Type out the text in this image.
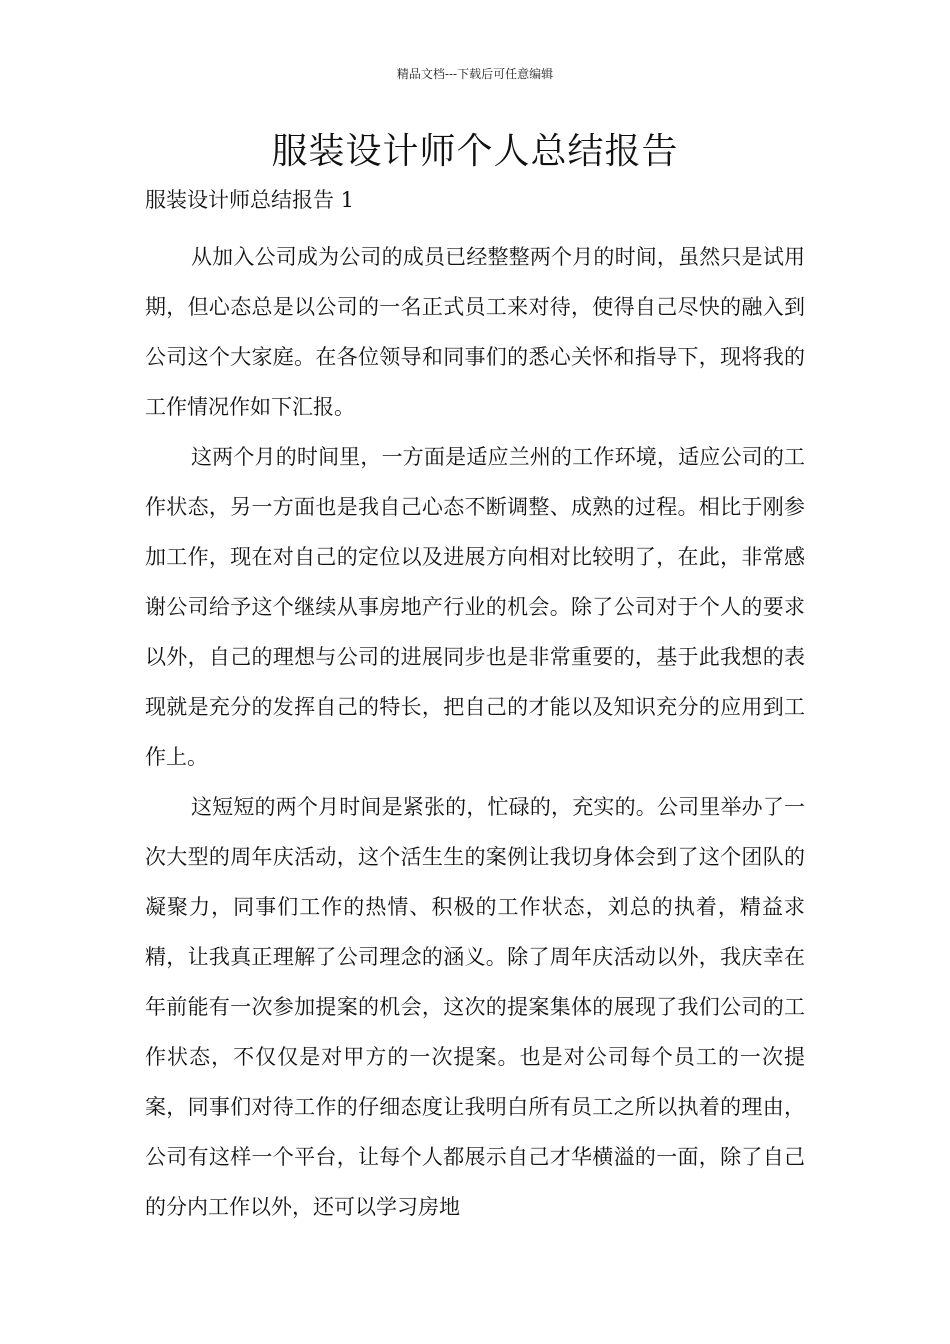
精品文档---下载后可任意编辑
服装设计师个人总结报告

服装设计师总结报告 1

从加入公司成为公司的成员已经整整两个月的时间，虽然只是试用期，但心态总是以公司的一名正式员工来对待，使得自己尽快的融入到公司这个大家庭。在各位领导和同事们的悉心关怀和指导下，现将我的工作情况作如下汇报。

这两个月的时间里，一方面是适应兰州的工作环境，适应公司的工作状态，另一方面也是我自己心态不断调整、成熟的过程。相比于刚参加工作，现在对自己的定位以及进展方向相对比较明了，在此，非常感谢公司给予这个继续从事房地产行业的机会。除了公司对于个人的要求以外，自己的理想与公司的进展同步也是非常重要的，基于此我想的表现就是充分的发挥自己的特长，把自己的才能以及知识充分的应用到工作上。

这短短的两个月时间是紧张的，忙碌的，充实的。公司里举办了一次大型的周年庆活动，这个活生生的案例让我切身体会到了这个团队的凝聚力，同事们工作的热情、积极的工作状态，刘总的执着，精益求精，让我真正理解了公司理念的涵义。除了周年庆活动以外，我庆幸在年前能有一次参加提案的机会，这次的提案集体的展现了我们公司的工作状态，不仅仅是对甲方的一次提案。也是对公司每个员工的一次提案，同事们对待工作的仔细态度让我明白所有员工之所以执着的理由，公司有这样一个平台，让每个人都展示自己才华横溢的一面，除了自己的分内工作以外，还可以学习房地
